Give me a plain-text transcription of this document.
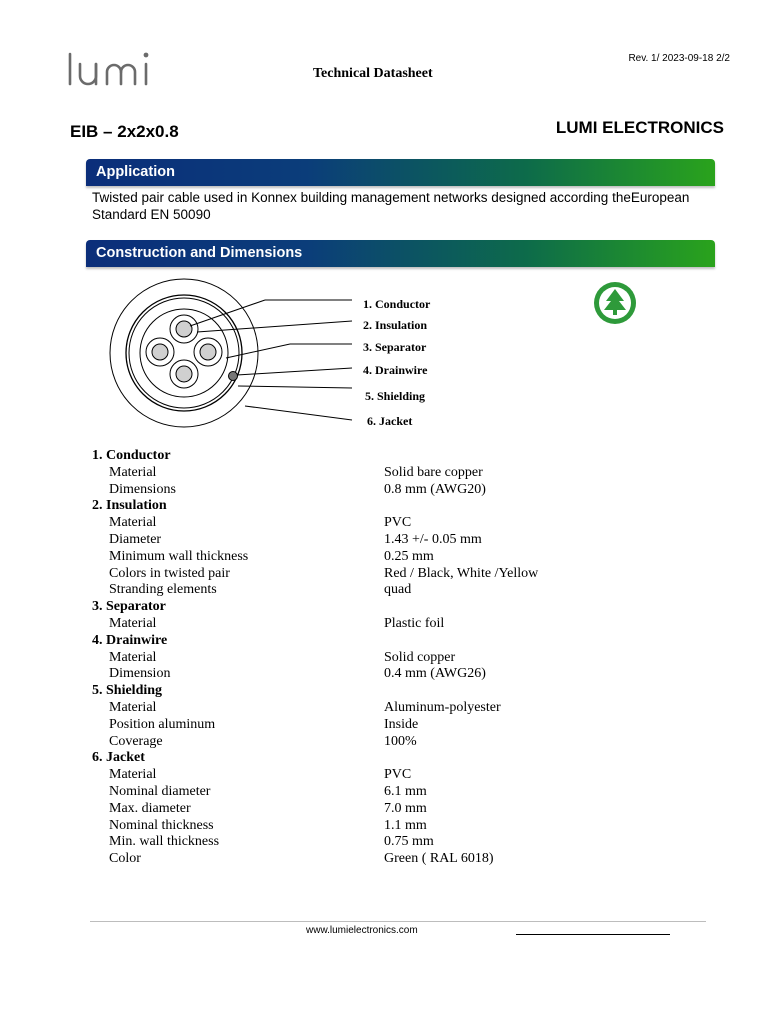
Technical Datasheet
Rev. 1/ 2023-09-18 2/2
EIB – 2x2x0.8	LUMI ELECTRONICS
Application
Twisted pair cable used in Konnex building management networks designed according theEuropean Standard EN 50090
Construction and Dimensions
1. Conductor
2. Insulation
3. Separator
4. Drainwire
5. Shielding
6. Jacket
1. Conductor
Material	Solid bare copper
Dimensions	0.8 mm (AWG20)
2. Insulation
Material	PVC
Diameter	1.43 +/- 0.05 mm
Minimum wall thickness	0.25 mm
Colors in twisted pair	Red / Black, White /Yellow
Stranding elements	quad
3. Separator
Material	Plastic foil
4. Drainwire
Material	Solid copper
Dimension	0.4 mm (AWG26)
5. Shielding
Material	Aluminum-polyester
Position aluminum	Inside
Coverage	100%
6. Jacket
Material	PVC
Nominal diameter	6.1 mm
Max. diameter	7.0 mm
Nominal thickness	1.1 mm
Min. wall thickness	0.75 mm
Color	Green ( RAL 6018)
www.lumielectronics.com
